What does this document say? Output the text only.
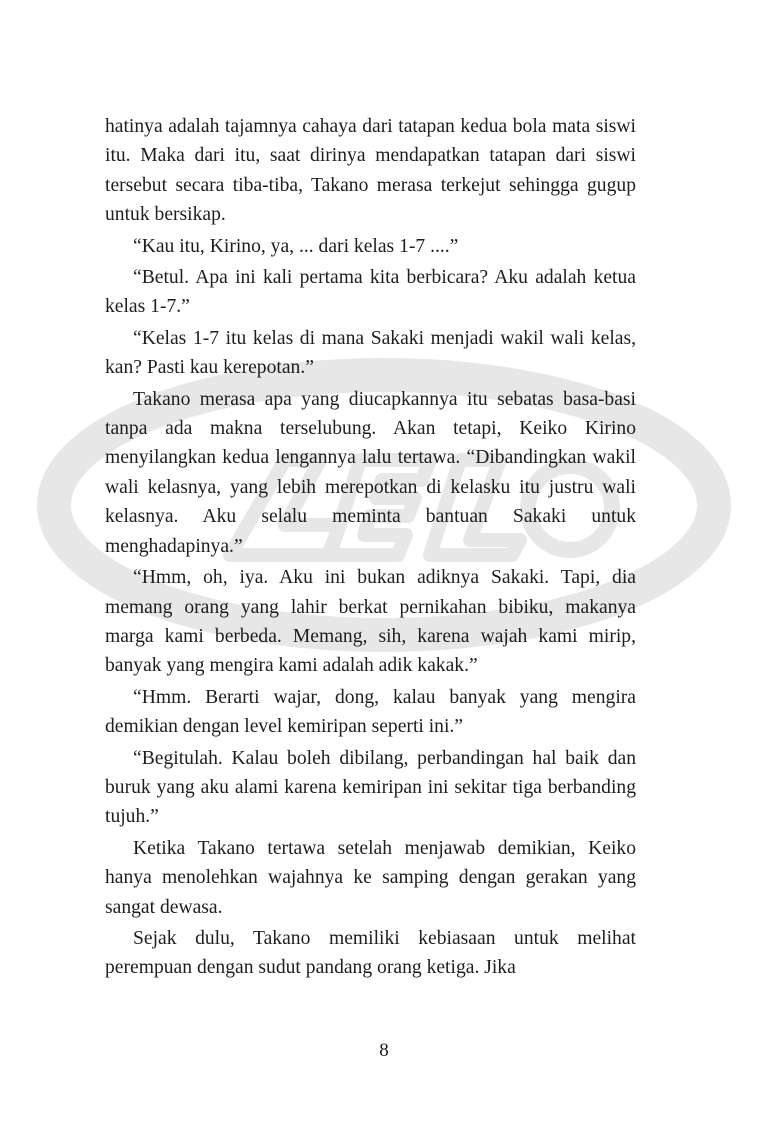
hatinya adalah tajamnya cahaya dari tatapan kedua bola mata siswi itu. Maka dari itu, saat dirinya mendapatkan tatapan dari siswi tersebut secara tiba-tiba, Takano merasa terkejut sehingga gugup untuk bersikap.

“Kau itu, Kirino, ya, ... dari kelas 1-7 ....”

“Betul. Apa ini kali pertama kita berbicara? Aku adalah ketua kelas 1-7.”

“Kelas 1-7 itu kelas di mana Sakaki menjadi wakil wali kelas, kan? Pasti kau kerepotan.”

Takano merasa apa yang diucapkannya itu sebatas basa-basi tanpa ada makna terselubung. Akan tetapi, Keiko Kirino menyilangkan kedua lengannya lalu tertawa. “Dibandingkan wakil wali kelasnya, yang lebih merepotkan di kelasku itu justru wali kelasnya. Aku selalu meminta bantuan Sakaki untuk menghadapinya.”

“Hmm, oh, iya. Aku ini bukan adiknya Sakaki. Tapi, dia memang orang yang lahir berkat pernikahan bibiku, makanya marga kami berbeda. Memang, sih, karena wajah kami mirip, banyak yang mengira kami adalah adik kakak.”

“Hmm. Berarti wajar, dong, kalau banyak yang mengira demikian dengan level kemiripan seperti ini.”

“Begitulah. Kalau boleh dibilang, perbandingan hal baik dan buruk yang aku alami karena kemiripan ini sekitar tiga berbanding tujuh.”

Ketika Takano tertawa setelah menjawab demikian, Keiko hanya menolehkan wajahnya ke samping dengan gerakan yang sangat dewasa.

Sejak dulu, Takano memiliki kebiasaan untuk melihat perempuan dengan sudut pandang orang ketiga. Jika

8
